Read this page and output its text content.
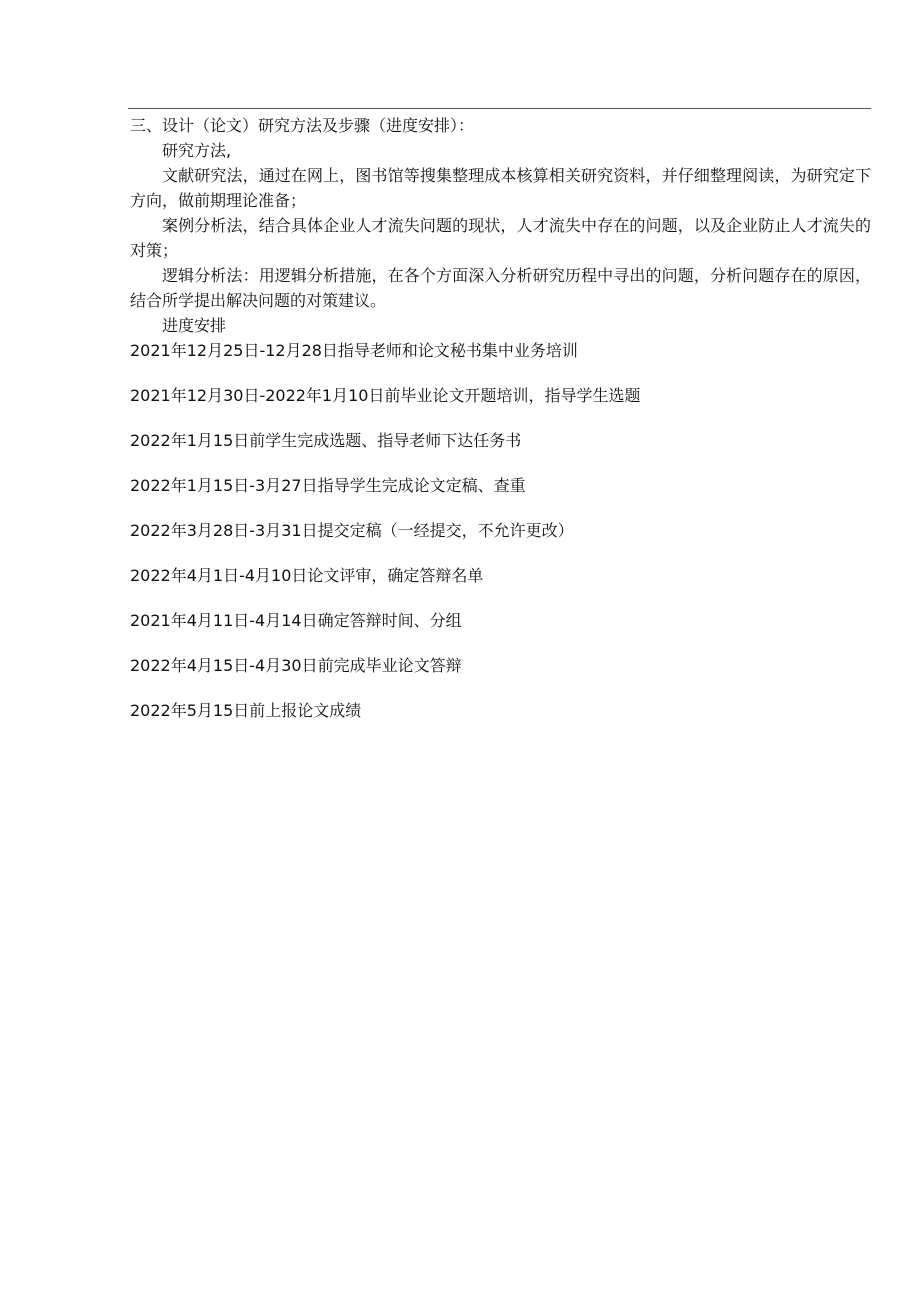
三、设计（论文）研究方法及步骤（进度安排）：

研究方法,

文献研究法，通过在网上，图书馆等搜集整理成本核算相关研究资料，并仔细整理阅读，为研究定下方向，做前期理论准备；

案例分析法，结合具体企业人才流失问题的现状，人才流失中存在的问题，以及企业防止人才流失的对策；

逻辑分析法：用逻辑分析措施，在各个方面深入分析研究历程中寻出的问题，分析问题存在的原因，结合所学提出解决问题的对策建议。

进度安排

2021年12月25日-12月28日指导老师和论文秘书集中业务培训
2021年12月30日-2022年1月10日前毕业论文开题培训，指导学生选题
2022年1月15日前学生完成选题、指导老师下达任务书
2022年1月15日-3月27日指导学生完成论文定稿、查重
2022年3月28日-3月31日提交定稿（一经提交，不允许更改）
2022年4月1日-4月10日论文评审，确定答辩名单
2021年4月11日-4月14日确定答辩时间、分组
2022年4月15日-4月30日前完成毕业论文答辩
2022年5月15日前上报论文成绩
